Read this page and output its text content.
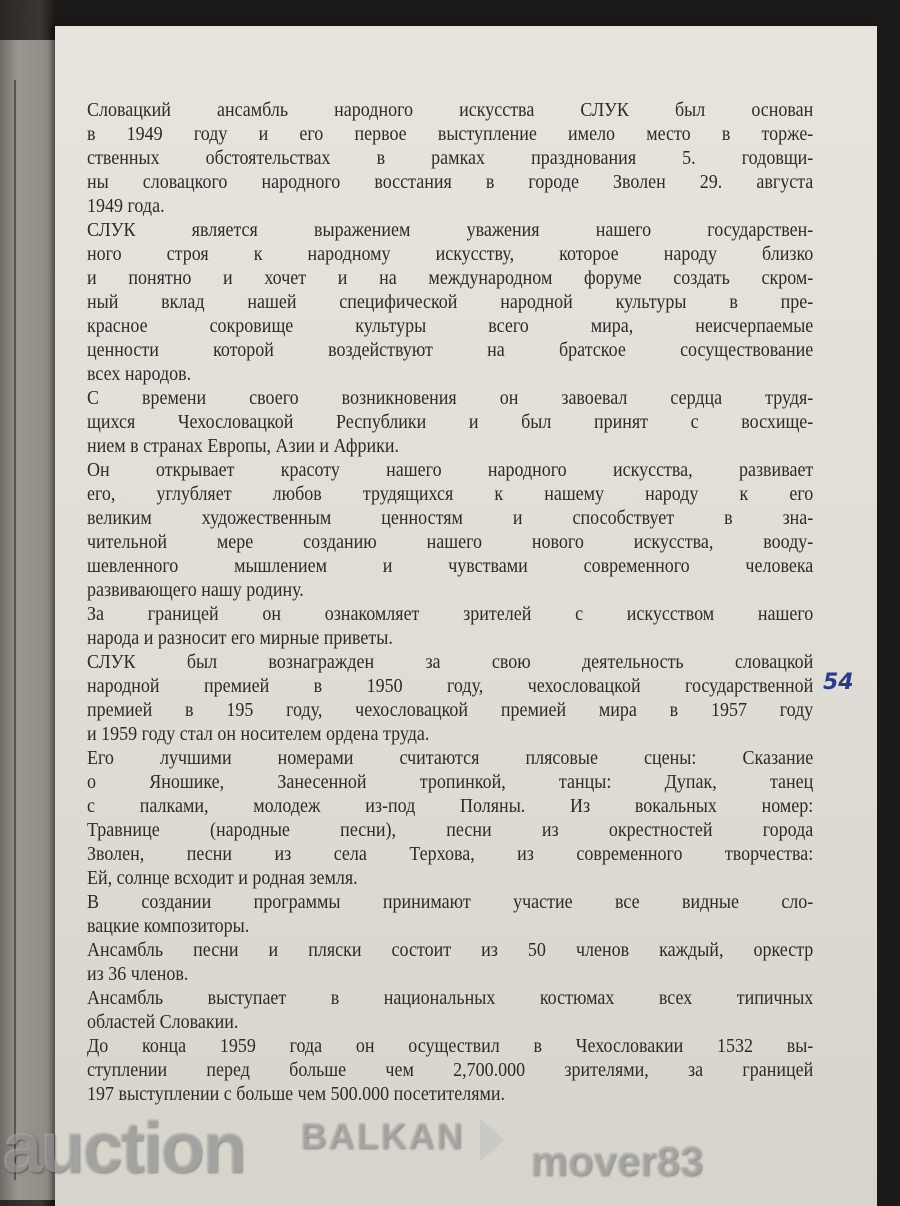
Словацкий ансамбль народного искусства СЛУК был основан
в 1949 году и его первое выступление имело место в торже-
ственных обстоятельствах в рамках празднования 5. годовщи-
ны словацкого народного восстания в городе Зволен 29. августа
1949 года.
СЛУК является выражением уважения нашего государствен-
ного строя к народному искусству, которое народу близко
и понятно и хочет и на международном форуме создать скром-
ный вклад нашей специфической народной культуры в пре-
красное сокровище культуры всего мира, неисчерпаемые
ценности которой воздействуют на братское сосуществование
всех народов.
С времени своего возникновения он завоевал сердца трудя-
щихся Чехословацкой Республики и был принят с восхище-
нием в странах Европы, Азии и Африки.
Он открывает красоту нашего народного искусства, развивает
его, углубляет любов трудящихся к нашему народу к его
великим художественным ценностям и способствует в зна-
чительной мере созданию нашего нового искусства, вооду-
шевленного мышлением и чувствами современного человека
развивающего нашу родину.
За границей он ознакомляет зрителей с искусством нашего
народа и разносит его мирные приветы.
СЛУК был вознагражден за свою деятельность словацкой
народной премией в 1950 году, чехословацкой государственной
премией в 195 году, чехословацкой премией мира в 1957 году
и 1959 году стал он носителем ордена труда.
Его лучшими номерами считаются плясовые сцены: Сказание
о Яношике, Занесенной тропинкой, танцы: Дупак, танец
с палками, молодеж из-под Поляны. Из вокальных номер:
Травнице (народные песни), песни из окрестностей города
Зволен, песни из села Терхова, из современного творчества:
Ей, солнце всходит и родная земля.
В создании программы принимают участие все видные сло-
вацкие композиторы.
Ансамбль песни и пляски состоит из 50 членов каждый, оркестр
из 36 членов.
Ансамбль выступает в национальных костюмах всех типичных
областей Словакии.
До конца 1959 года он осуществил в Чехословакии 1532 вы-
ступлении перед больше чем 2,700.000 зрителями, за границей
197 выступлении с больше чем 500.000 посетителями.
54
auction BALKAN
mover83
